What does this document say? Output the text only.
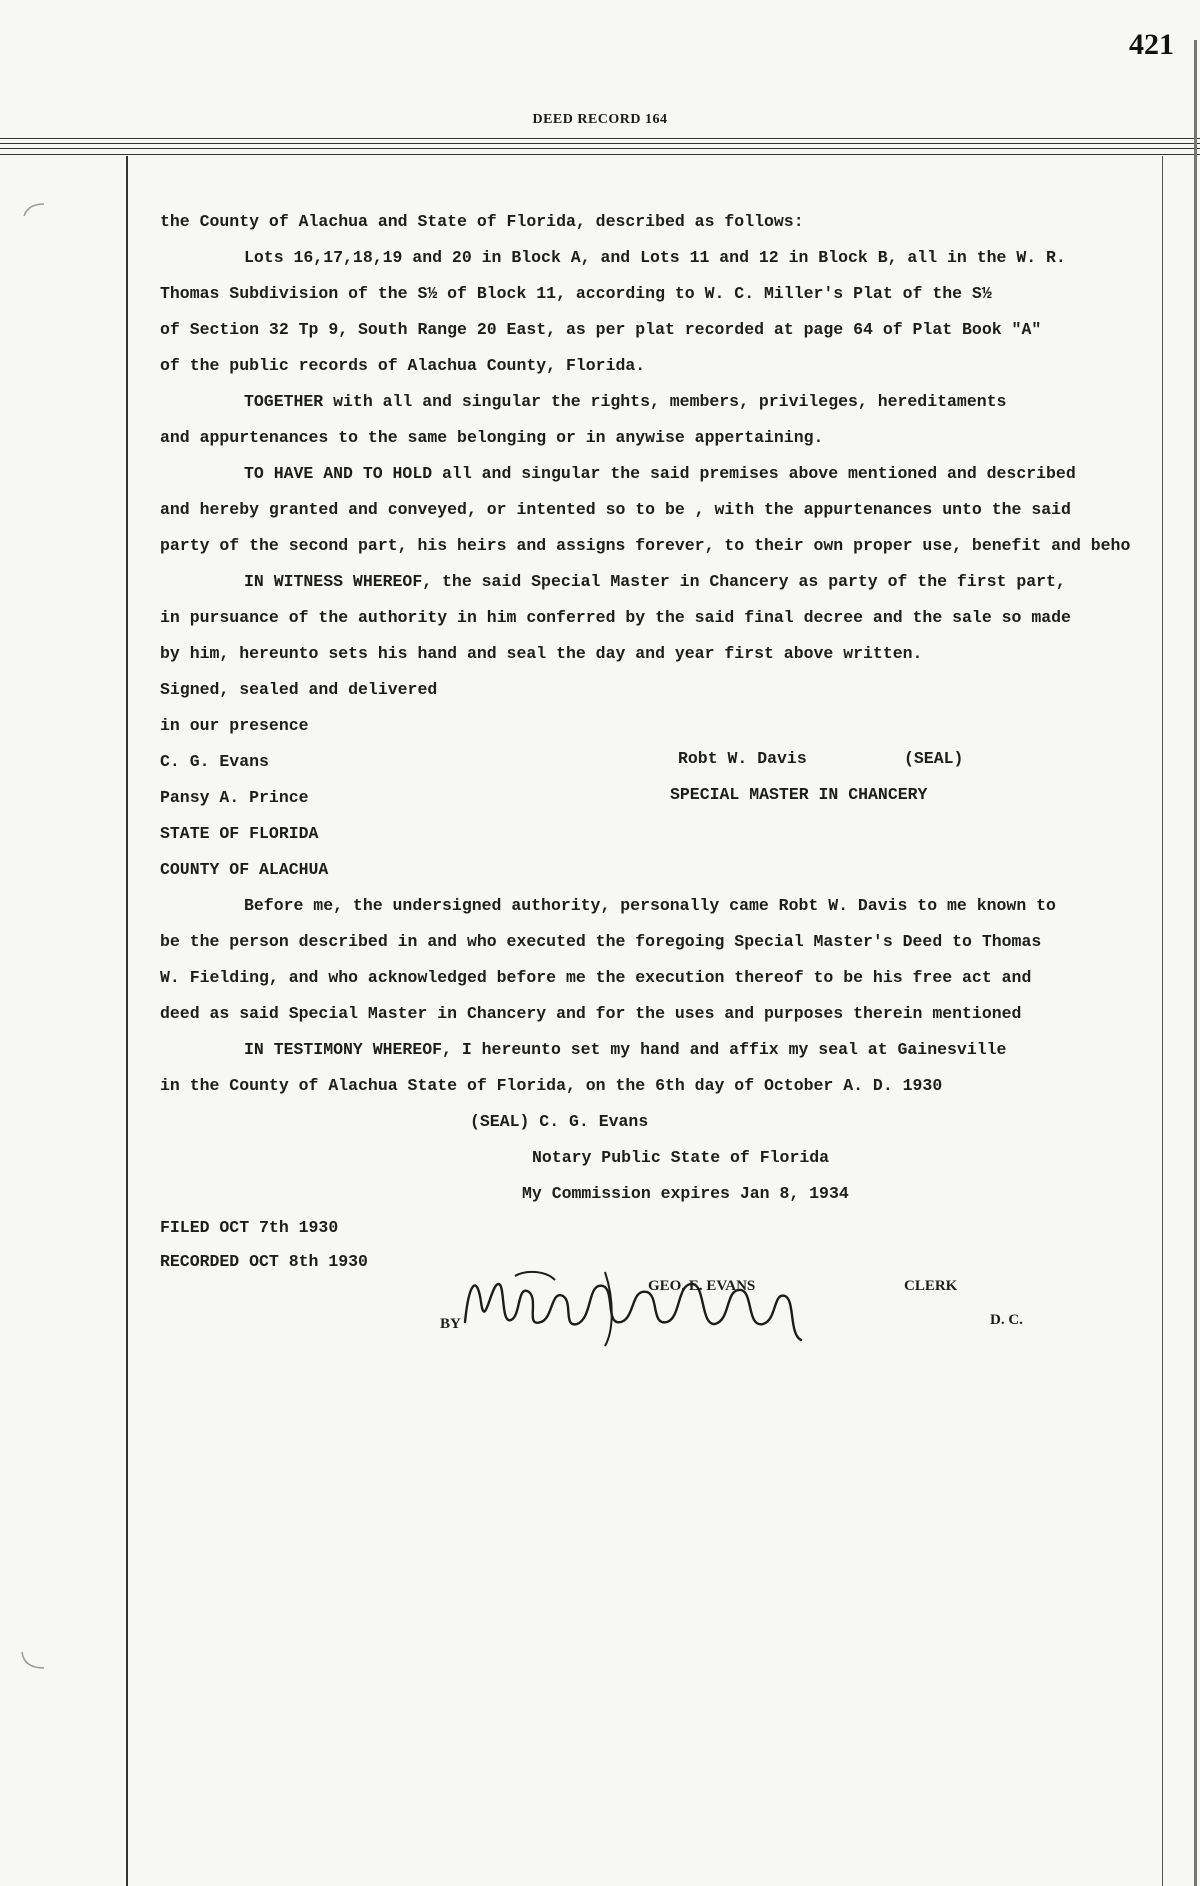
421
DEED RECORD 164
the County of Alachua and State of Florida, described as follows:
Lots 16,17,18,19 and 20 in Block A, and Lots 11 and 12 in Block B, all in the W. R.
Thomas Subdivision of the S½ of Block 11, according to W. C. Miller's Plat of the S½
of Section 32 Tp 9, South Range 20 East, as per plat recorded at page 64 of Plat Book "A"
of the public records of Alachua County, Florida.
TOGETHER with all and singular the rights, members, privileges, hereditaments
and appurtenances to the same belonging or in anywise appertaining.
TO HAVE AND TO HOLD all and singular the said premises above mentioned and described
and hereby granted and conveyed, or intented so to be , with the appurtenances unto the said
party of the second part, his heirs and assigns forever, to their own proper use, benefit and beho
IN WITNESS WHEREOF, the said Special Master in Chancery as party of the first part,
in pursuance of the authority in him conferred by the said final decree and the sale so made
by him, hereunto sets his hand and seal the day and year first above written.
Signed, sealed and delivered
in our presence
C. G. Evans	Robt W. Davis	(SEAL)
Pansy A. Prince	SPECIAL MASTER IN CHANCERY
STATE OF FLORIDA
COUNTY OF ALACHUA
Before me, the undersigned authority, personally came Robt W. Davis to me known to
be the person described in and who executed the foregoing Special Master's Deed to Thomas
W. Fielding, and who acknowledged before me the execution thereof to be his free act and
deed as said Special Master in Chancery and for the uses and purposes therein mentioned
IN TESTIMONY WHEREOF, I hereunto set my hand and affix my seal at Gainesville
in the County of Alachua State of Florida, on the 6th day of October A. D. 1930
(SEAL) C. G. Evans
Notary Public State of Florida
My Commission expires Jan 8, 1934
FILED OCT 7th 1930
RECORDED OCT 8th 1930
GEO. E. EVANS	CLERK
BY	D. C.
